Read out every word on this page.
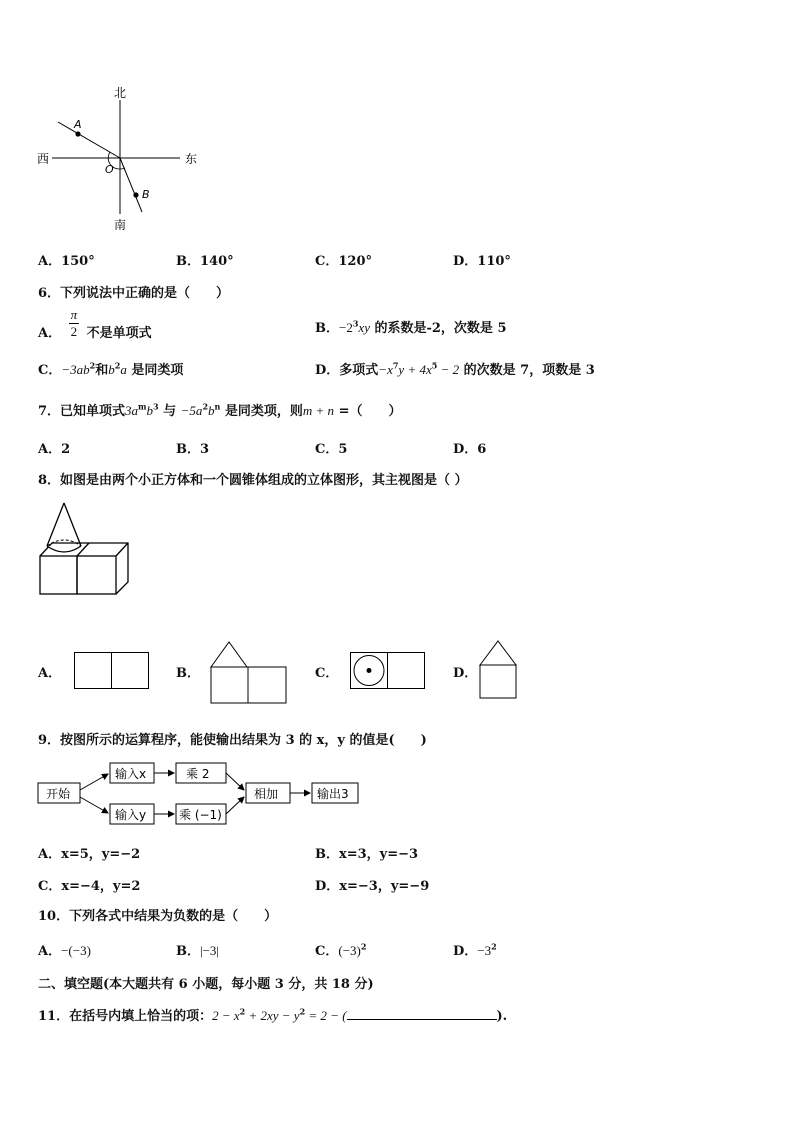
北
南
西	东
A
O
B
A．150°	B．140°	C．120°	D．110°
6．下列说法中正确的是（　　）
A． $\frac{\pi}{2}$ 不是单项式	B．$-2^3xy$ 的系数是-2，次数是 5
C．$-3ab^2$和$b^2a$ 是同类项	D．多项式$-x^7y + 4x^5 - 2$ 的次数是 7，项数是 3
7．已知单项式$3a^mb^3$ 与 $-5a^2b^n$ 是同类项，则m + n =（　　）
A．2	B．3	C．5	D．6
8．如图是由两个小正方体和一个圆锥体组成的立体图形，其主视图是（ ）
A．	B．	C．	D．
9．按图所示的运算程序，能使输出结果为 3 的 x，y 的值是(　　)
开始
输入x
输入y
乘 2
乘 (−1)
相加	输出3
A．x=5，y=−2	B．x=3，y=−3
C．x=−4，y=2	D．x=−3，y=−9
10．下列各式中结果为负数的是（　　）
A．−(−3)	B．|−3|	C．$(-3)^2$	D．$-3^2$
二、填空题(本大题共有 6 小题，每小题 3 分，共 18 分)
11．在括号内填上恰当的项：$2 - x^2 + 2xy - y^2 = 2$ − (	).
